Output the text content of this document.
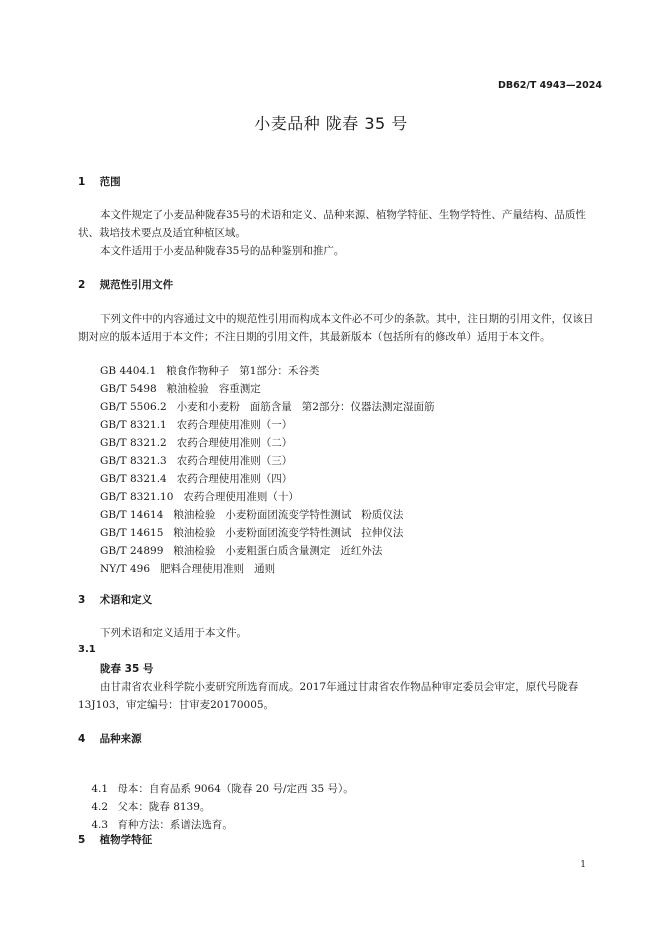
DB62/T 4943—2024
小麦品种 陇春 35 号
1 范围
本文件规定了小麦品种陇春35号的术语和定义、品种来源、植物学特征、生物学特性、产量结构、品质性状、栽培技术要点及适宜种植区域。
本文件适用于小麦品种陇春35号的品种鉴别和推广。
2 规范性引用文件
下列文件中的内容通过文中的规范性引用而构成本文件必不可少的条款。其中，注日期的引用文件，仅该日期对应的版本适用于本文件；不注日期的引用文件，其最新版本（包括所有的修改单）适用于本文件。
GB 4404.1   粮食作物种子   第1部分：禾谷类
GB/T 5498   粮油检验   容重测定
GB/T 5506.2   小麦和小麦粉   面筋含量   第2部分：仪器法测定湿面筋
GB/T 8321.1   农药合理使用准则（一）
GB/T 8321.2   农药合理使用准则（二）
GB/T 8321.3   农药合理使用准则（三）
GB/T 8321.4   农药合理使用准则（四）
GB/T 8321.10   农药合理使用准则（十）
GB/T 14614   粮油检验   小麦粉面团流变学特性测试   粉质仪法
GB/T 14615   粮油检验   小麦粉面团流变学特性测试   拉伸仪法
GB/T 24899   粮油检验   小麦粗蛋白质含量测定   近红外法
NY/T 496   肥料合理使用准则   通则
3 术语和定义
下列术语和定义适用于本文件。
3.1
陇春 35 号
由甘肃省农业科学院小麦研究所选育而成。2017年通过甘肃省农作物品种审定委员会审定，原代号陇春13J103，审定编号：甘审麦20170005。
4 品种来源

4.1 母本：自育品系 9064（陇春 20 号/定西 35 号）。

4.2 父本：陇春 8139。

4.3 育种方法：系谱法选育。

5 植物学特征
1
